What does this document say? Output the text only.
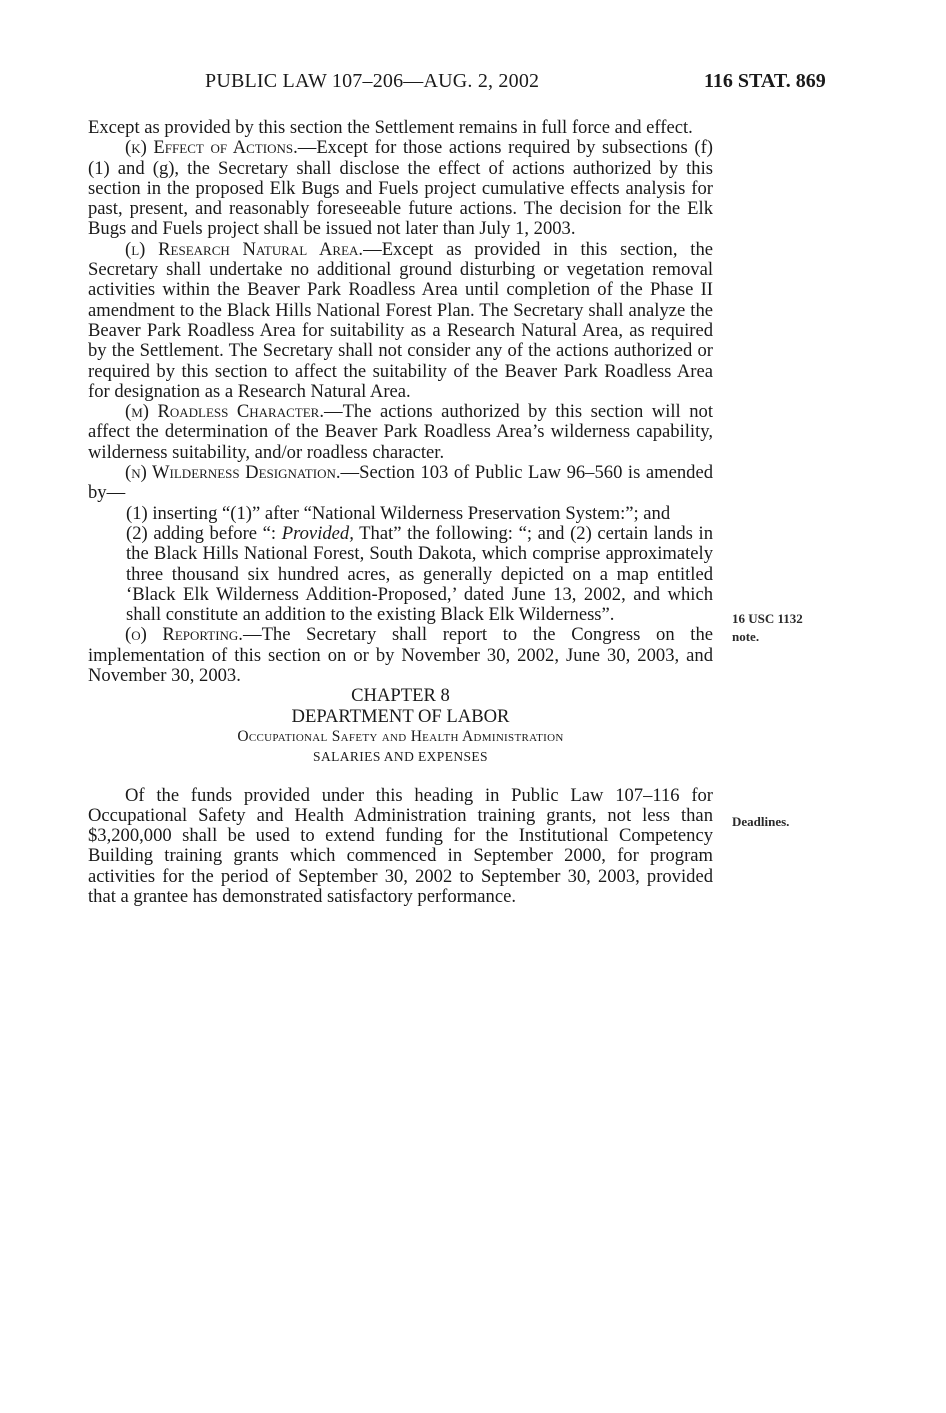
PUBLIC LAW 107–206—AUG. 2, 2002	116 STAT. 869

Except as provided by this section the Settlement remains in full force and effect.

(k) Effect of Actions.—Except for those actions required by subsections (f)(1) and (g), the Secretary shall disclose the effect of actions authorized by this section in the proposed Elk Bugs and Fuels project cumulative effects analysis for past, present, and reasonably foreseeable future actions. The decision for the Elk Bugs and Fuels project shall be issued not later than July 1, 2003.

(l) Research Natural Area.—Except as provided in this section, the Secretary shall undertake no additional ground disturbing or vegetation removal activities within the Beaver Park Roadless Area until completion of the Phase II amendment to the Black Hills National Forest Plan. The Secretary shall analyze the Beaver Park Roadless Area for suitability as a Research Natural Area, as required by the Settlement. The Secretary shall not consider any of the actions authorized or required by this section to affect the suitability of the Beaver Park Roadless Area for designation as a Research Natural Area.

(m) Roadless Character.—The actions authorized by this section will not affect the determination of the Beaver Park Roadless Area’s wilderness capability, wilderness suitability, and/or roadless character.

(n) Wilderness Designation.—Section 103 of Public Law 96–560 is amended by—

(1) inserting “(1)” after “National Wilderness Preservation System:”; and

(2) adding before “: Provided, That” the following: “; and (2) certain lands in the Black Hills National Forest, South Dakota, which comprise approximately three thousand six hundred acres, as generally depicted on a map entitled ‘Black Elk Wilderness Addition-Proposed,’ dated June 13, 2002, and which shall constitute an addition to the existing Black Elk Wilderness”.

(o) Reporting.—The Secretary shall report to the Congress on the implementation of this section on or by November 30, 2002, June 30, 2003, and November 30, 2003.

CHAPTER 8

DEPARTMENT OF LABOR

Occupational Safety and Health Administration

SALARIES AND EXPENSES

Of the funds provided under this heading in Public Law 107–116 for Occupational Safety and Health Administration training grants, not less than $3,200,000 shall be used to extend funding for the Institutional Competency Building training grants which commenced in September 2000, for program activities for the period of September 30, 2002 to September 30, 2003, provided that a grantee has demonstrated satisfactory performance.

16 USC 1132
note.
Deadlines.
